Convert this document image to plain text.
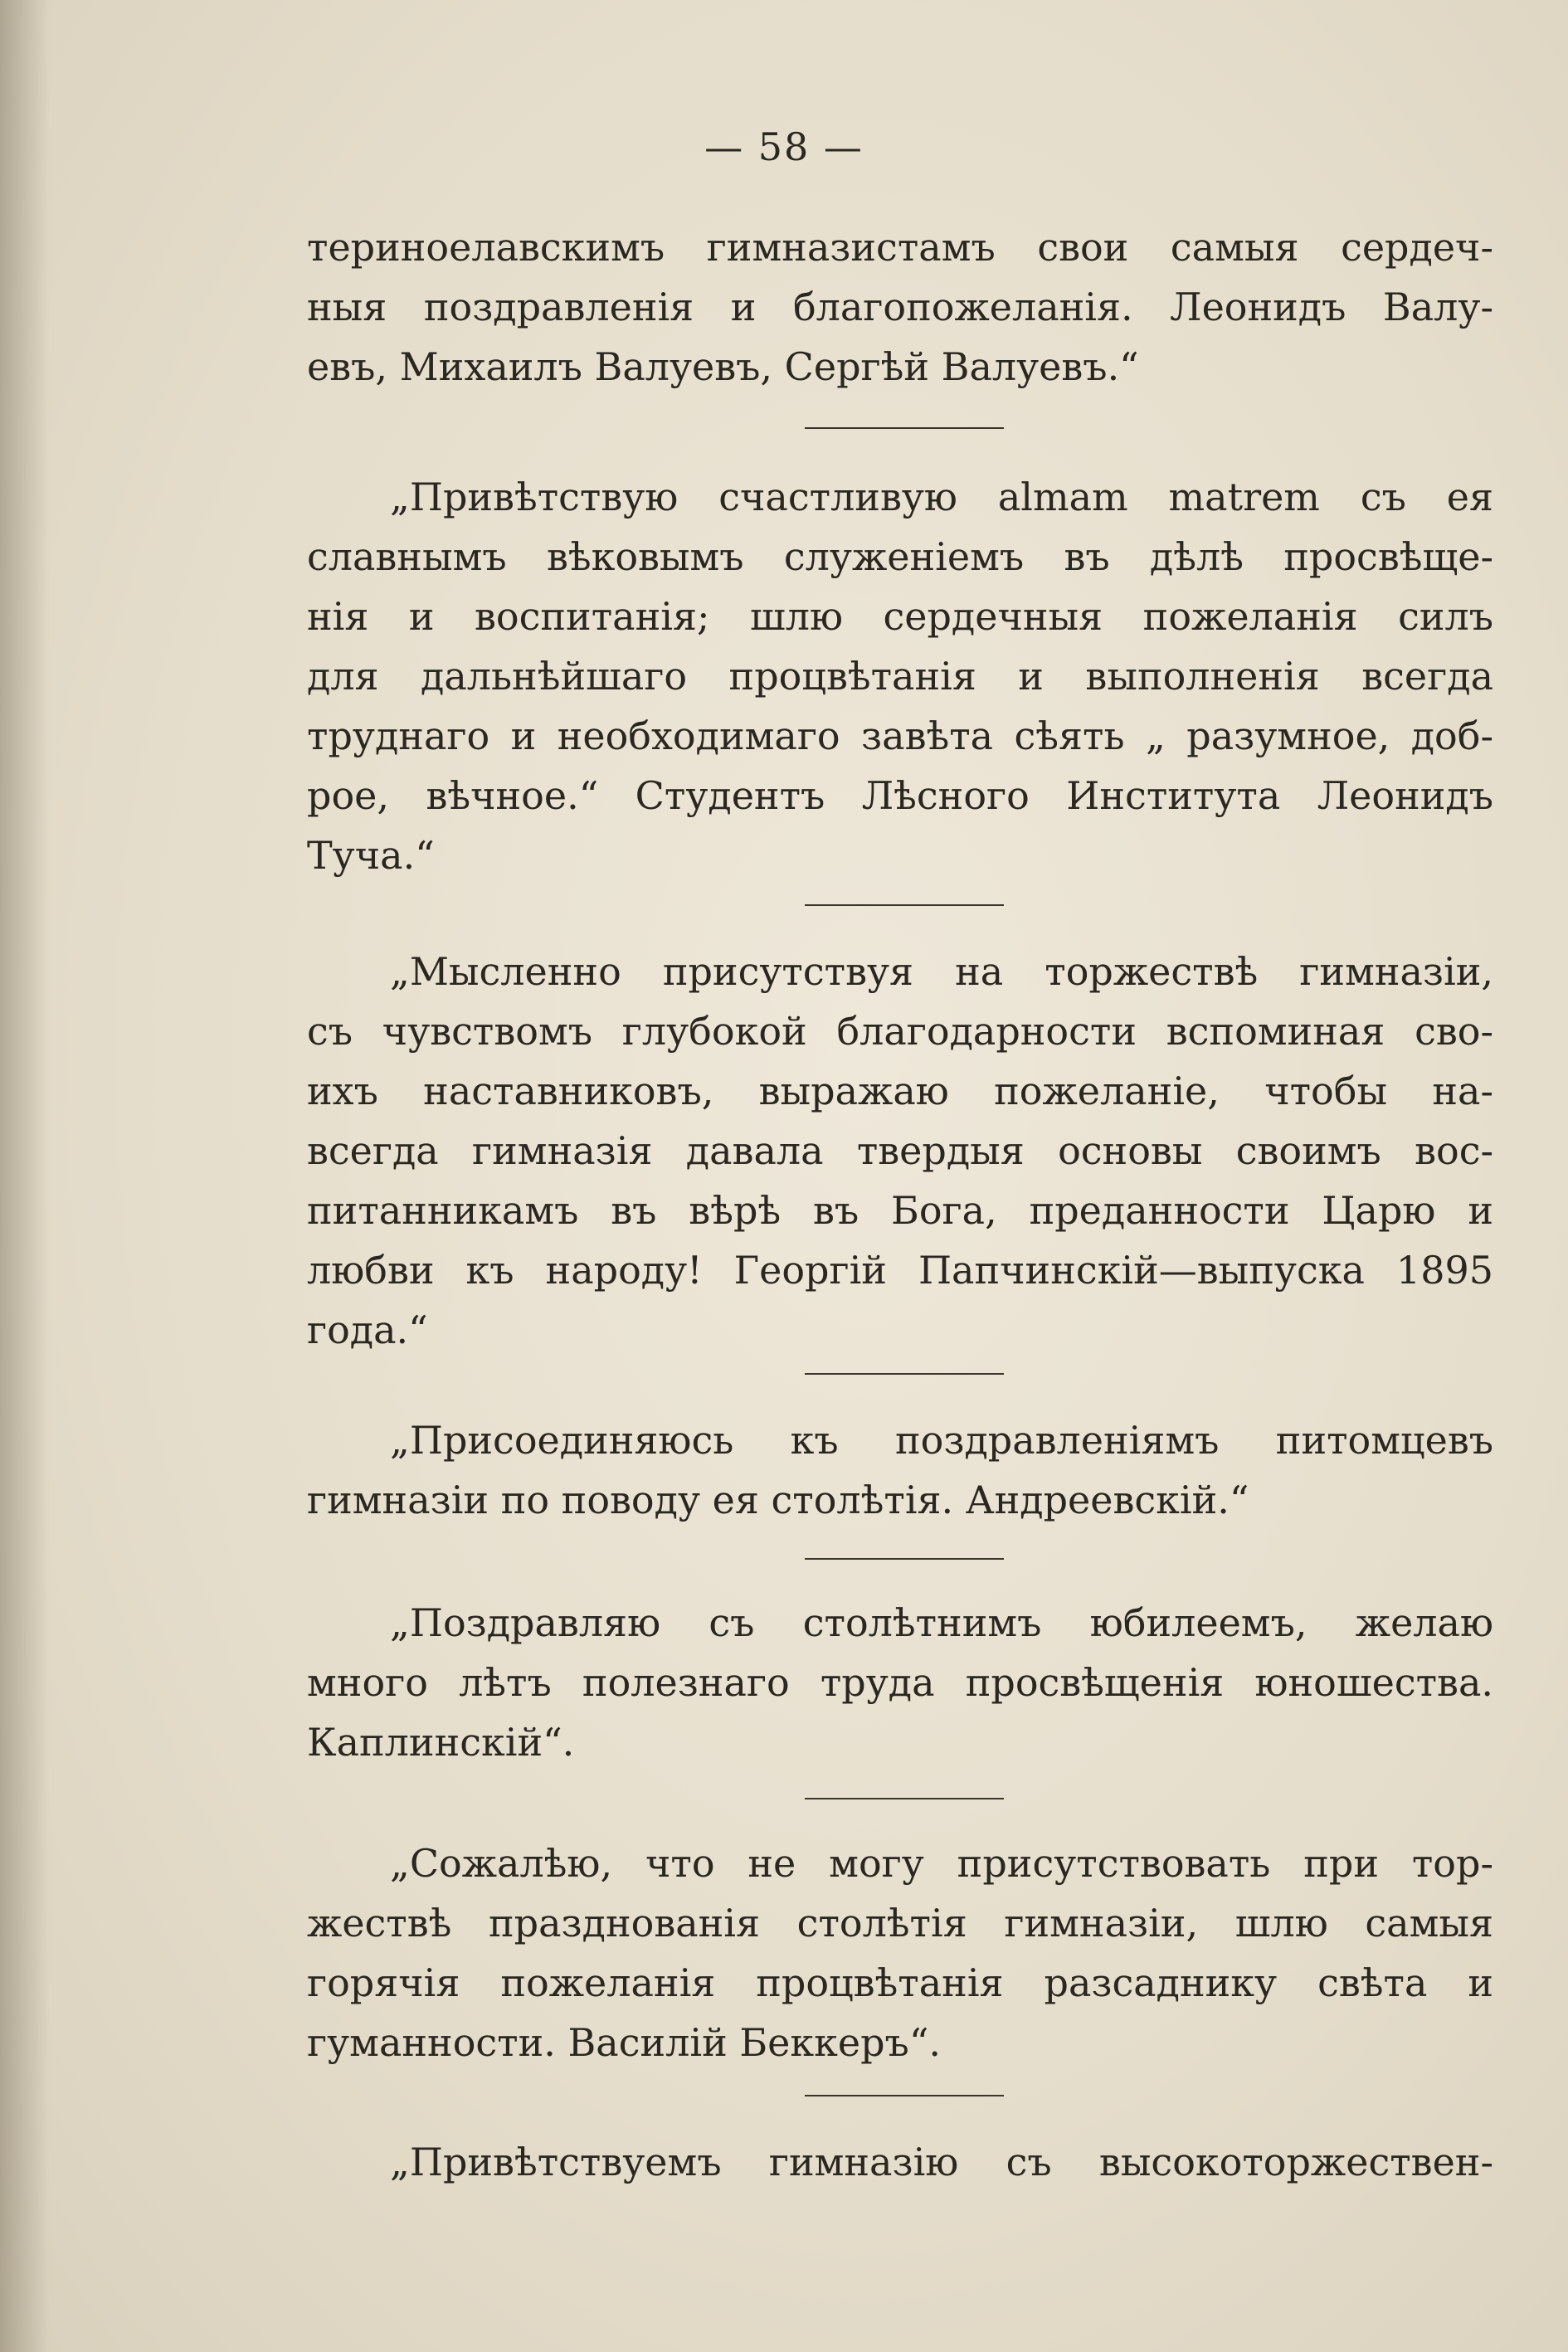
— 58 —
териноелавскимъ гимназистамъ свои самыя сердеч-
ныя поздравленія и благопожеланія. Леонидъ Валу-
евъ, Михаилъ Валуевъ, Сергѣй Валуевъ.“
„Привѣтствую счастливую almam matrem съ ея
славнымъ вѣковымъ служеніемъ въ дѣлѣ просвѣще-
нія и воспитанія; шлю сердечныя пожеланія силъ
для дальнѣйшаго процвѣтанія и выполненія всегда
труднаго и необходимаго завѣта сѣять „ разумное, доб-
рое, вѣчное.“ Студентъ Лѣсного Института Леонидъ
Туча.“
„Мысленно присутствуя на торжествѣ гимназіи,
съ чувствомъ глубокой благодарности вспоминая сво-
ихъ наставниковъ, выражаю пожеланіе, чтобы на-
всегда гимназія давала твердыя основы своимъ вос-
питанникамъ въ вѣрѣ въ Бога, преданности Царю и
любви къ народу! Георгій Папчинскій—выпуска 1895
года.“
„Присоединяюсь къ поздравленіямъ питомцевъ
гимназіи по поводу ея столѣтія. Андреевскій.“
„Поздравляю съ столѣтнимъ юбилеемъ, желаю
много лѣтъ полезнаго труда просвѣщенія юношества.
Каплинскій“.
„Сожалѣю, что не могу присутствовать при тор-
жествѣ празднованія столѣтія гимназіи, шлю самыя
горячія пожеланія процвѣтанія разсаднику свѣта и
гуманности. Василій Беккеръ“.
„Привѣтствуемъ гимназію съ высокоторжествен-
